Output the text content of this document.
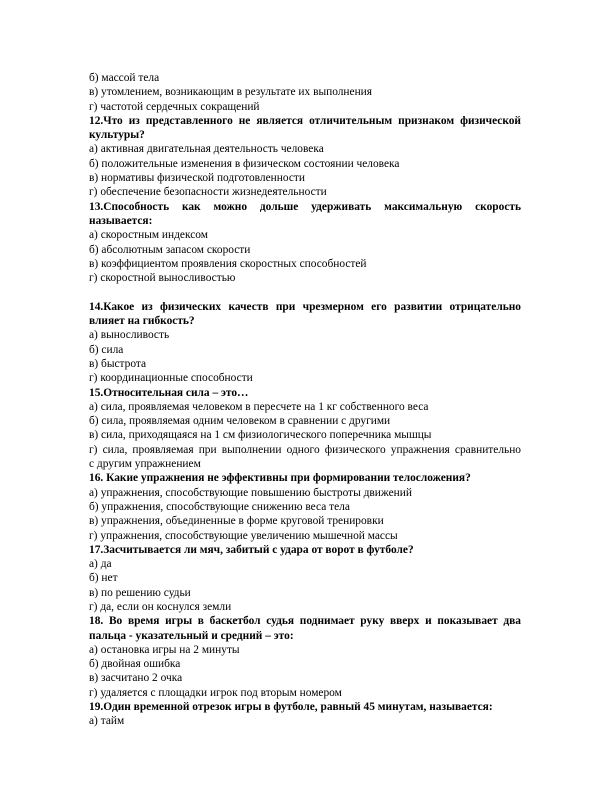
б) массой тела

в) утомлением, возникающим в результате их выполнения

г) частотой сердечных сокращений

12.Что из представленного не является отличительным признаком физической

культуры?

а) активная двигательная деятельность человека

б) положительные изменения в физическом состоянии человека

в) нормативы физической подготовленности

г) обеспечение безопасности жизнедеятельности

13.Способность как можно дольше удерживать максимальную скорость

называется:

а) скоростным индексом

б) абсолютным запасом скорости

в) коэффициентом проявления скоростных способностей

г) скоростной выносливостью

14.Какое из физических качеств при чрезмерном его развитии отрицательно

влияет на гибкость?

а) выносливость

б) сила

в) быстрота

г) координационные способности

15.Относительная сила – это…

а) сила, проявляемая человеком в пересчете на 1 кг собственного веса

б) сила, проявляемая одним человеком в сравнении с другими

в) сила, приходящаяся на 1 см физиологического поперечника мышцы

г) сила, проявляемая при выполнении одного физического упражнения сравнительно

с другим упражнением

16. Какие упражнения не эффективны при формировании телосложения?

а) упражнения, способствующие повышению быстроты движений

б) упражнения, способствующие снижению веса тела

в) упражнения, объединенные в форме круговой тренировки

г) упражнения, способствующие увеличению мышечной массы

17.Засчитывается ли мяч, забитый с удара от ворот в футболе?

а) да

б) нет

в) по решению судьи

г) да, если он коснулся земли

18. Во время игры в баскетбол судья поднимает руку вверх и показывает два

пальца - указательный и средний – это:

а) остановка игры на 2 минуты

б) двойная ошибка

в) засчитано 2 очка

г) удаляется с площадки игрок под вторым номером

19.Один временной отрезок игры в футболе, равный 45 минутам, называется:

а) тайм
